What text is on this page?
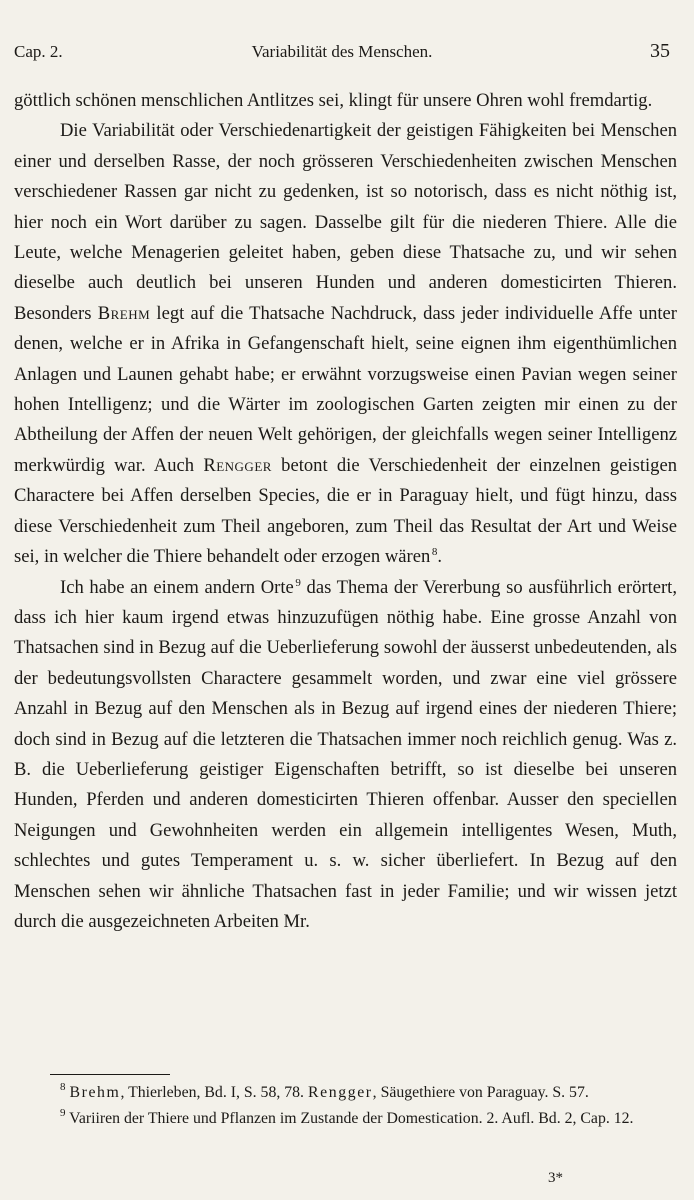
Cap. 2.	Variabilität des Menschen.	35

göttlich schönen menschlichen Antlitzes sei, klingt für unsere Ohren wohl fremdartig.

Die Variabilität oder Verschiedenartigkeit der geistigen Fähigkeiten bei Menschen einer und derselben Rasse, der noch grösseren Verschiedenheiten zwischen Menschen verschiedener Rassen gar nicht zu gedenken, ist so notorisch, dass es nicht nöthig ist, hier noch ein Wort darüber zu sagen. Dasselbe gilt für die niederen Thiere. Alle die Leute, welche Menagerien geleitet haben, geben diese Thatsache zu, und wir sehen dieselbe auch deutlich bei unseren Hunden und anderen domesticirten Thieren. Besonders Brehm legt auf die Thatsache Nachdruck, dass jeder individuelle Affe unter denen, welche er in Afrika in Gefangenschaft hielt, seine eignen ihm eigenthümlichen Anlagen und Launen gehabt habe; er erwähnt vorzugsweise einen Pavian wegen seiner hohen Intelligenz; und die Wärter im zoologischen Garten zeigten mir einen zu der Abtheilung der Affen der neuen Welt gehörigen, der gleichfalls wegen seiner Intelligenz merkwürdig war. Auch Rengger betont die Verschiedenheit der einzelnen geistigen Charactere bei Affen derselben Species, die er in Paraguay hielt, und fügt hinzu, dass diese Verschiedenheit zum Theil angeboren, zum Theil das Resultat der Art und Weise sei, in welcher die Thiere behandelt oder erzogen wären  $^8$.

Ich habe an einem andern Orte  $^9$ das Thema der Vererbung so ausführlich erörtert, dass ich hier kaum irgend etwas hinzuzufügen nöthig habe. Eine grosse Anzahl von Thatsachen sind in Bezug auf die Ueberlieferung sowohl der äusserst unbedeutenden, als der bedeutungsvollsten Charactere gesammelt worden, und zwar eine viel grössere Anzahl in Bezug auf den Menschen als in Bezug auf irgend eines der niederen Thiere; doch sind in Bezug auf die letzteren die Thatsachen immer noch reichlich genug. Was z. B. die Ueberlieferung geistiger Eigenschaften betrifft, so ist dieselbe bei unseren Hunden, Pferden und anderen domesticirten Thieren offenbar. Ausser den speciellen Neigungen und Gewohnheiten werden ein allgemein intelligentes Wesen, Muth, schlechtes und gutes Temperament u. s. w. sicher überliefert. In Bezug auf den Menschen sehen wir ähnliche Thatsachen fast in jeder Familie; und wir wissen jetzt durch die ausgezeichneten Arbeiten Mr.

$^8$ Brehm, Thierleben, Bd. I, S. 58, 78. Rengger, Säugethiere von Paraguay. S. 57.

$^9$ Variiren der Thiere und Pflanzen im Zustande der Domestication. 2. Aufl. Bd. 2, Cap. 12.

3*
